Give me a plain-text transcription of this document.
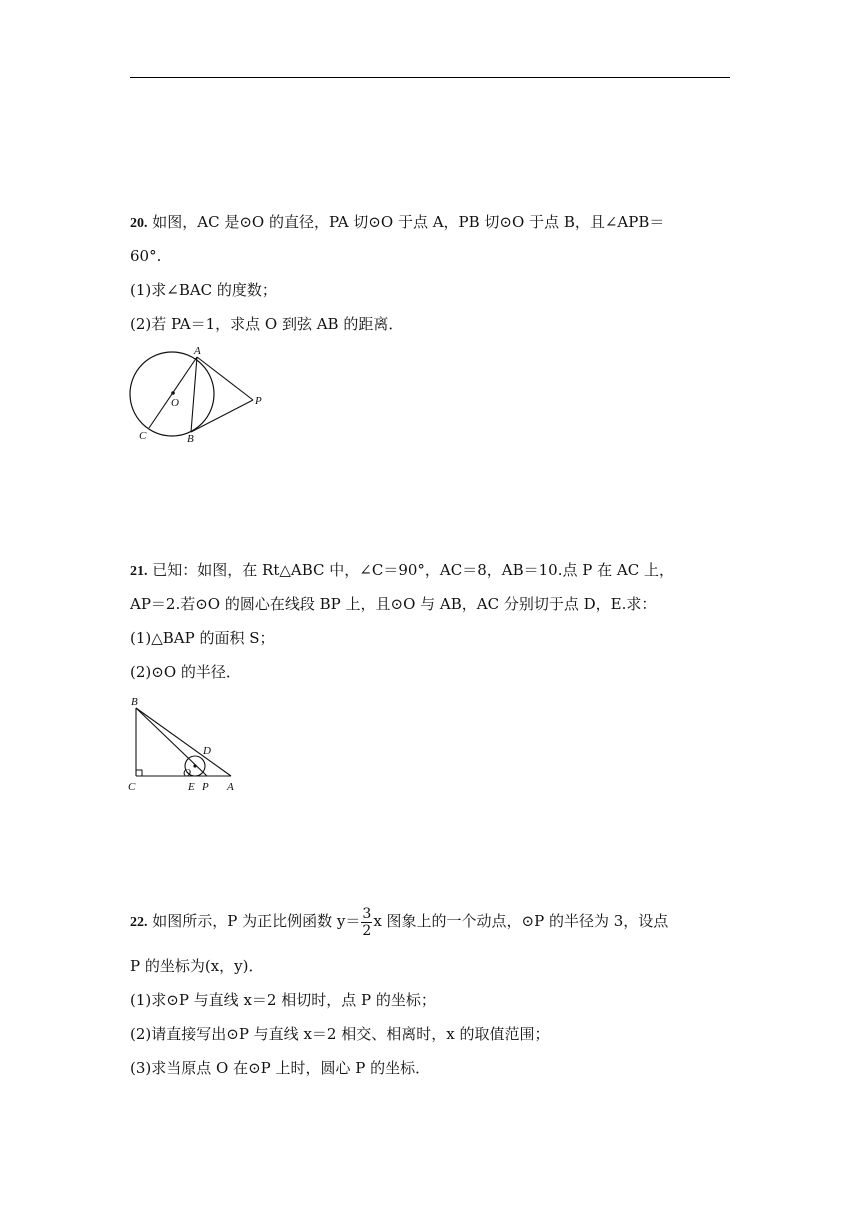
20. 如图，AC 是⊙O 的直径，PA 切⊙O 于点 A，PB 切⊙O 于点 B，且∠APB＝
60°.
(1)求∠BAC 的度数；
(2)若 PA＝1，求点 O 到弦 AB 的距离．
A
O	P
C	B
21. 已知：如图，在 Rt△ABC 中，∠C＝90°，AC＝8，AB＝10.点 P 在 AC 上，
AP＝2.若⊙O 的圆心在线段 BP 上，且⊙O 与 AB，AC 分别切于点 D，E.求：
(1)△BAP 的面积 S；
(2)⊙O 的半径．
B
D
O
C	E P A
22. 如图所示，P 为正比例函数 $y= \frac{3}{2}$ x 图象上的一个动点，⊙P 的半径为 3，设点
P 的坐标为(x，y)．
(1)求⊙P 与直线 x＝2 相切时，点 P 的坐标；
(2)请直接写出⊙P 与直线 x＝2 相交、相离时，x 的取值范围；
(3)求当原点 O 在⊙P 上时，圆心 P 的坐标．
